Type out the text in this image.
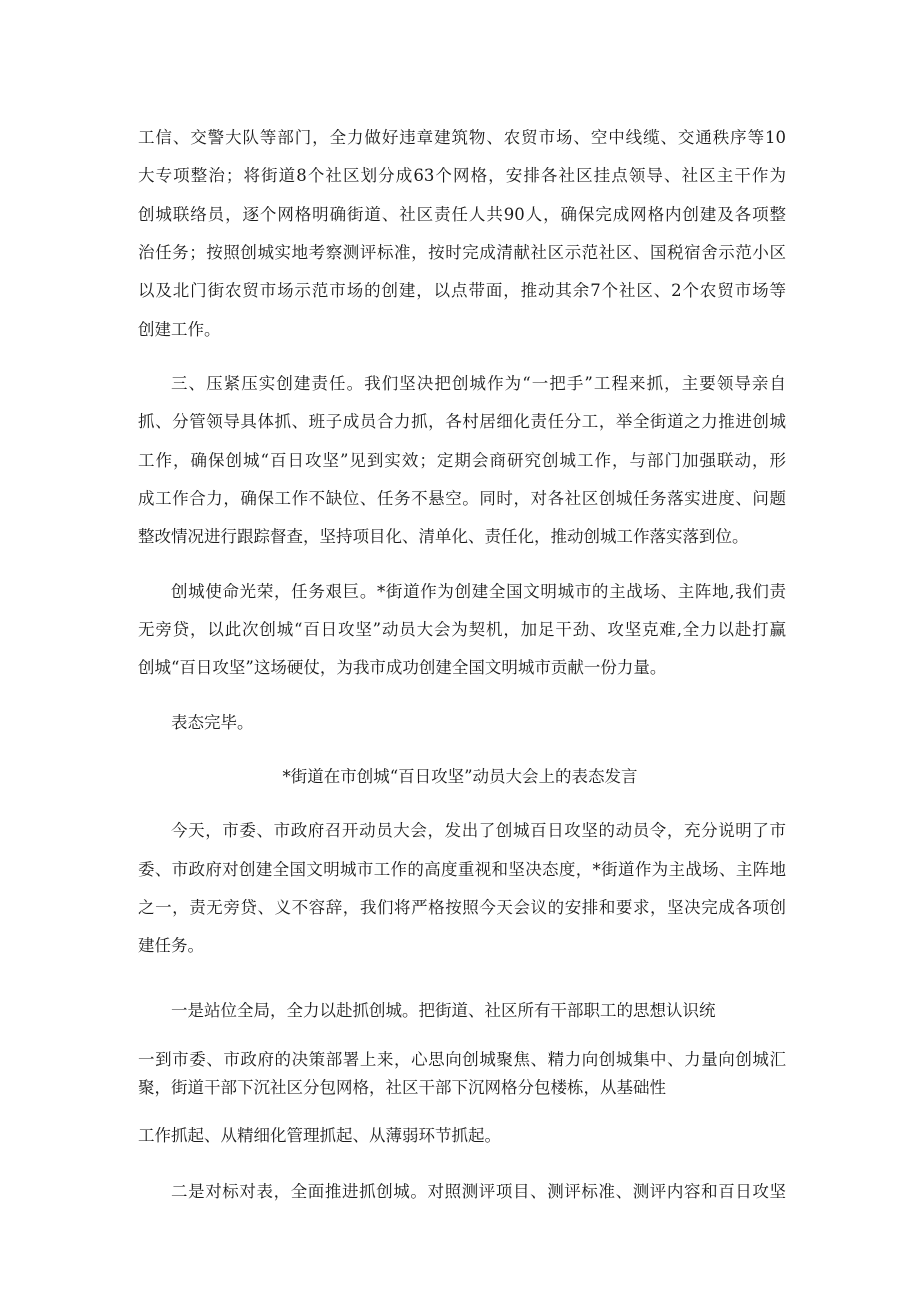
工信、交警大队等部门，全力做好违章建筑物、农贸市场、空中线缆、交通秩序等10
大专项整治；将街道8个社区划分成63个网格，安排各社区挂点领导、社区主干作为
创城联络员，逐个网格明确街道、社区责任人共90人，确保完成网格内创建及各项整
治任务；按照创城实地考察测评标准，按时完成清献社区示范社区、国税宿舍示范小区
以及北门街农贸市场示范市场的创建，以点带面，推动其余7个社区、2个农贸市场等
创建工作。
三、压紧压实创建责任。我们坚决把创城作为“一把手”工程来抓，主要领导亲自
抓、分管领导具体抓、班子成员合力抓，各村居细化责任分工，举全街道之力推进创城
工作，确保创城“百日攻坚”见到实效；定期会商研究创城工作，与部门加强联动，形
成工作合力，确保工作不缺位、任务不悬空。同时，对各社区创城任务落实进度、问题
整改情况进行跟踪督查，坚持项目化、清单化、责任化，推动创城工作落实落到位。
创城使命光荣，任务艰巨。*街道作为创建全国文明城市的主战场、主阵地,我们责
无旁贷，以此次创城“百日攻坚”动员大会为契机，加足干劲、攻坚克难,全力以赴打赢
创城“百日攻坚”这场硬仗，为我市成功创建全国文明城市贡献一份力量。
表态完毕。
*街道在市创城“百日攻坚”动员大会上的表态发言
今天，市委、市政府召开动员大会，发出了创城百日攻坚的动员令，充分说明了市
委、市政府对创建全国文明城市工作的高度重视和坚决态度，*街道作为主战场、主阵地
之一，责无旁贷、义不容辞，我们将严格按照今天会议的安排和要求，坚决完成各项创
建任务。
一是站位全局，全力以赴抓创城。把街道、社区所有干部职工的思想认识统
一到市委、市政府的决策部署上来，心思向创城聚焦、精力向创城集中、力量向创城汇
聚，街道干部下沉社区分包网格，社区干部下沉网格分包楼栋，从基础性
工作抓起、从精细化管理抓起、从薄弱环节抓起。
二是对标对表，全面推进抓创城。对照测评项目、测评标准、测评内容和百日攻坚
